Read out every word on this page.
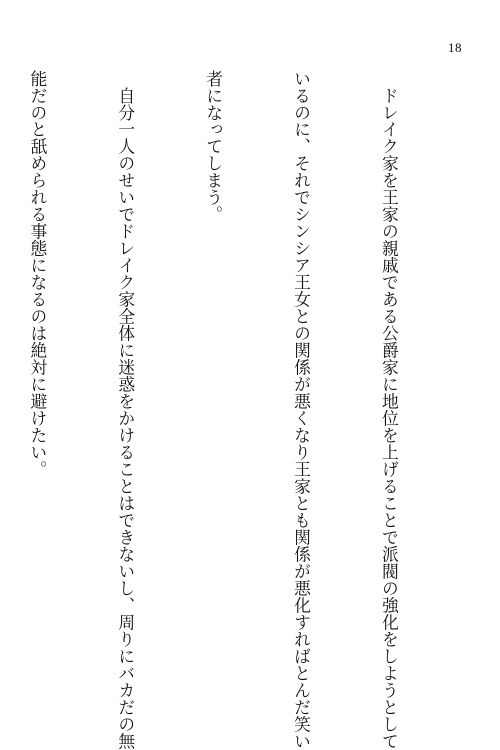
18

　ドレイク家を王家の親戚である公爵家に地位を上げることで派閥の強化をしようとして

いるのに、それでシンシア王女との関係が悪くなり王家とも関係が悪化すればとんだ笑い

者になってしまう。

　自分一人のせいでドレイク家全体に迷惑をかけることはできないし、周りにバカだの無

能だのと舐められる事態になるのは絶対に避けたい。
